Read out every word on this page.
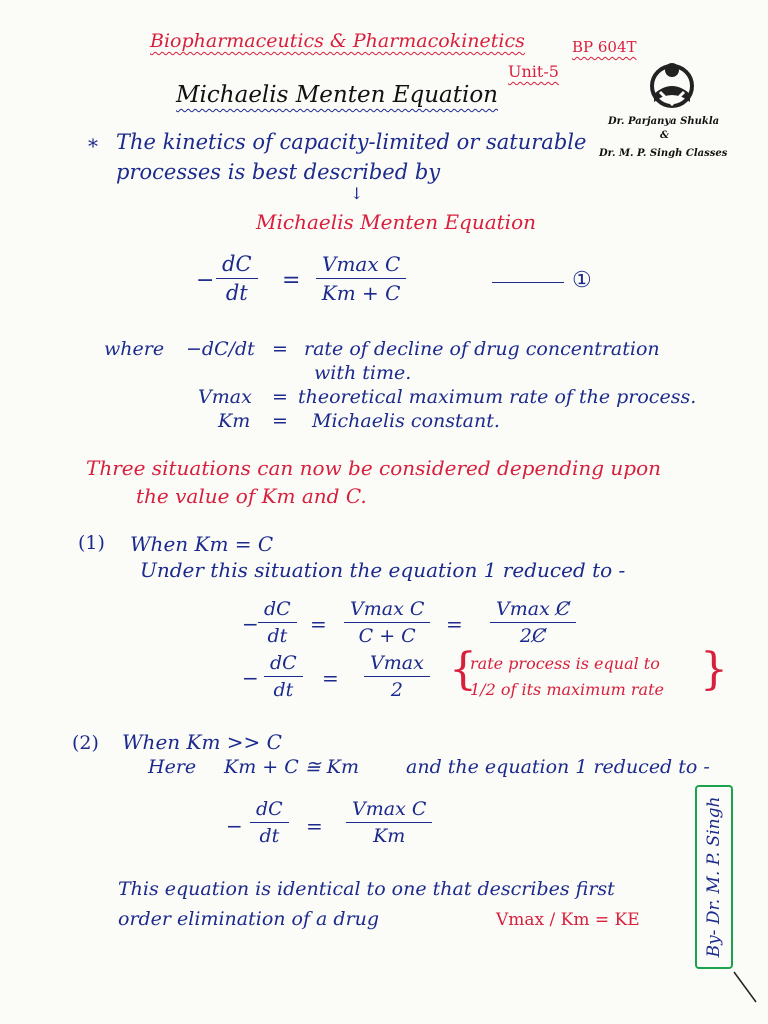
Biopharmaceutics & Pharmacokinetics	BP 604T
Unit-5
Michaelis Menten Equation
Dr. Parjanya Shukla
&
Dr. M. P. Singh Classes
* The kinetics of capacity-limited or saturable
processes is best described by
↓
Michaelis Menten Equation
− $\frac{dC}{dt}$ =
Vmax C
Km + C	①
where −dC/dt = rate of decline of drug concentration
with time.
Vmax = theoretical maximum rate of the process.
Km = Michaelis constant.
Three situations can now be considered depending upon
the value of Km and C.
(1) When Km = C
Under this situation the equation 1 reduced to -
− $\frac{dC}{dt}$ =
Vmax C
C + C =
Vmax C̸
2C̸
− $\frac{dC}{dt}$ =
Vmax
2 {
rate process is equal to
1/2 of its maximum rate }
(2) When Km >> C
Here Km + C ≅ Km and the equation 1 reduced to -
− $\frac{dC}{dt}$ =
Vmax C
Km
This equation is identical to one that describes first
order elimination of a drug	Vmax / Km = KE	By- Dr. M. P. Singh
